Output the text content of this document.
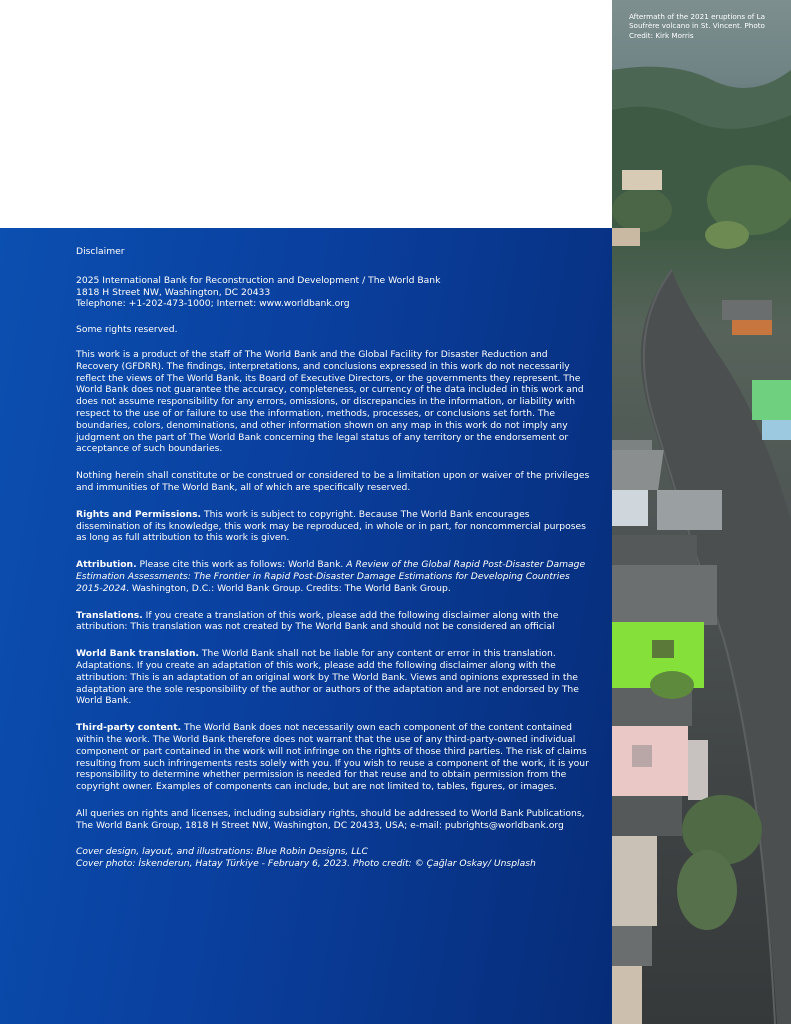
Disclaimer

2025 International Bank for Reconstruction and Development / The World Bank
1818 H Street NW, Washington, DC 20433
Telephone: +1-202-473-1000; Internet: www.worldbank.org

Some rights reserved.

This work is a product of the staff of The World Bank and the Global Facility for Disaster Reduction and Recovery (GFDRR). The findings, interpretations, and conclusions expressed in this work do not necessarily reflect the views of The World Bank, its Board of Executive Directors, or the governments they represent. The World Bank does not guarantee the accuracy, completeness, or currency of the data included in this work and does not assume responsibility for any errors, omissions, or discrepancies in the information, or liability with respect to the use of or failure to use the information, methods, processes, or conclusions set forth. The boundaries, colors, denominations, and other information shown on any map in this work do not imply any judgment on the part of The World Bank concerning the legal status of any territory or the endorsement or acceptance of such boundaries.

Nothing herein shall constitute or be construed or considered to be a limitation upon or waiver of the privileges and immunities of The World Bank, all of which are specifically reserved.

Rights and Permissions. This work is subject to copyright. Because The World Bank encourages dissemination of its knowledge, this work may be reproduced, in whole or in part, for noncommercial purposes as long as full attribution to this work is given.

Attribution. Please cite this work as follows: World Bank. A Review of the Global Rapid Post-Disaster Damage Estimation Assessments: The Frontier in Rapid Post-Disaster Damage Estimations for Developing Countries 2015-2024. Washington, D.C.: World Bank Group. Credits: The World Bank Group.

Translations. If you create a translation of this work, please add the following disclaimer along with the attribution: This translation was not created by The World Bank and should not be considered an official

World Bank translation. The World Bank shall not be liable for any content or error in this translation. Adaptations. If you create an adaptation of this work, please add the following disclaimer along with the attribution: This is an adaptation of an original work by The World Bank. Views and opinions expressed in the adaptation are the sole responsibility of the author or authors of the adaptation and are not endorsed by The World Bank.

Third-party content. The World Bank does not necessarily own each component of the content contained within the work. The World Bank therefore does not warrant that the use of any third-party-owned individual component or part contained in the work will not infringe on the rights of those third parties. The risk of claims resulting from such infringements rests solely with you. If you wish to reuse a component of the work, it is your responsibility to determine whether permission is needed for that reuse and to obtain permission from the copyright owner. Examples of components can include, but are not limited to, tables, figures, or images.

All queries on rights and licenses, including subsidiary rights, should be addressed to World Bank Publications, The World Bank Group, 1818 H Street NW, Washington, DC 20433, USA; e-mail: pubrights@worldbank.org

Cover design, layout, and illustrations: Blue Robin Designs, LLC
Cover photo: İskenderun, Hatay Türkiye - February 6, 2023. Photo credit: © Çağlar Oskay/ Unsplash

Aftermath of the 2021 eruptions of La Soufrère volcano in St. Vincent. Photo Credit: Kirk Morris
